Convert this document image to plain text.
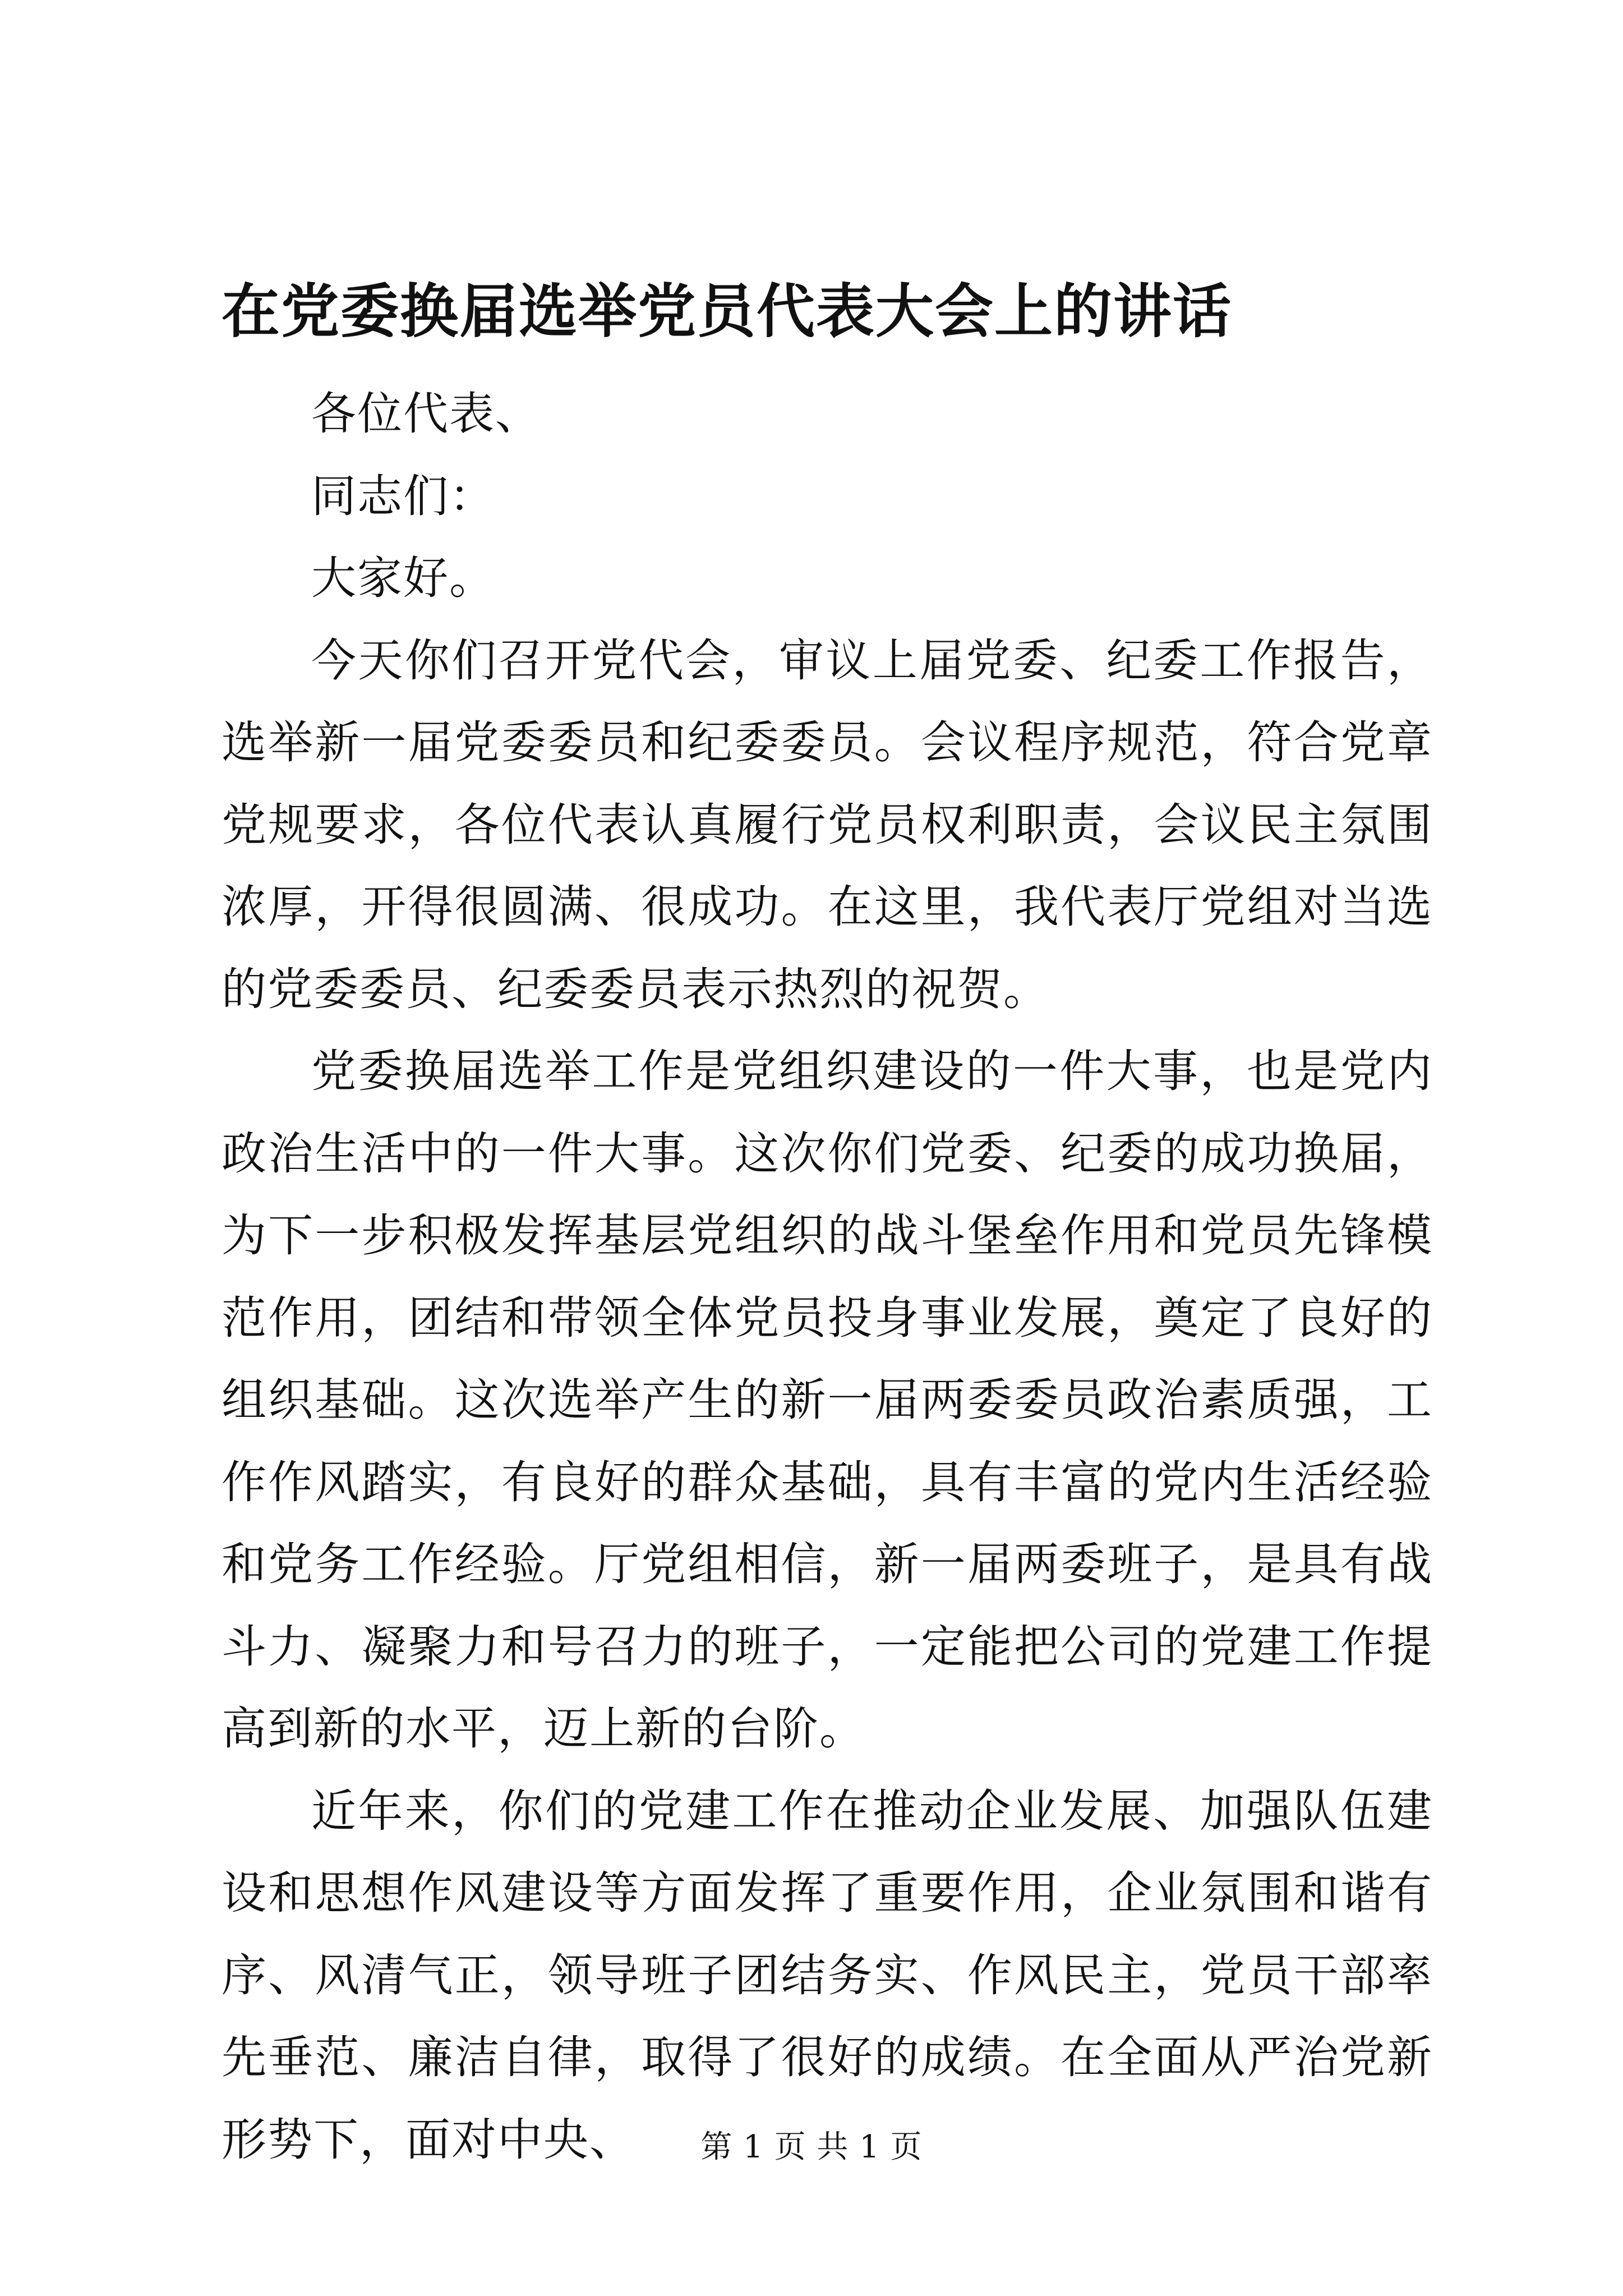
在党委换届选举党员代表大会上的讲话

各位代表、

同志们：

大家好。

今天你们召开党代会，审议上届党委、纪委工作报告，选举新一届党委委员和纪委委员。会议程序规范，符合党章党规要求，各位代表认真履行党员权利职责，会议民主氛围浓厚，开得很圆满、很成功。在这里，我代表厅党组对当选的党委委员、纪委委员表示热烈的祝贺。

党委换届选举工作是党组织建设的一件大事，也是党内政治生活中的一件大事。这次你们党委、纪委的成功换届，为下一步积极发挥基层党组织的战斗堡垒作用和党员先锋模范作用，团结和带领全体党员投身事业发展，奠定了良好的组织基础。这次选举产生的新一届两委委员政治素质强，工作作风踏实，有良好的群众基础，具有丰富的党内生活经验和党务工作经验。厅党组相信，新一届两委班子，是具有战斗力、凝聚力和号召力的班子，一定能把公司的党建工作提高到新的水平，迈上新的台阶。

近年来，你们的党建工作在推动企业发展、加强队伍建设和思想作风建设等方面发挥了重要作用，企业氛围和谐有序、风清气正，领导班子团结务实、作风民主，党员干部率先垂范、廉洁自律，取得了很好的成绩。在全面从严治党新形势下，面对中央、	第 1 页 共 1 页
